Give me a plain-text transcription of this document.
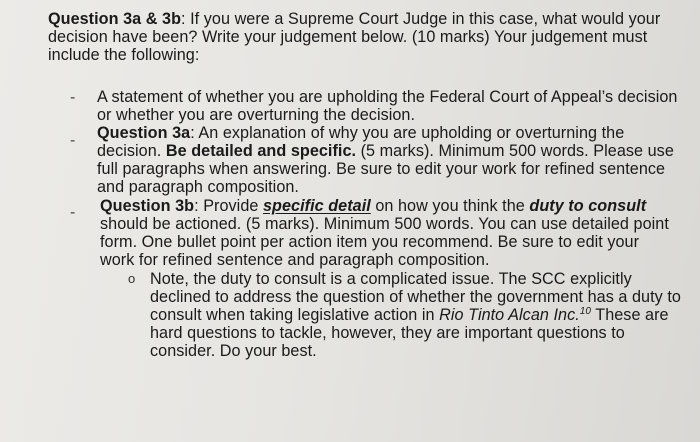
Question 3a & 3b: If you were a Supreme Court Judge in this case, what would your
decision have been? Write your judgement below. (10 marks) Your judgement must
include the following:
- A statement of whether you are upholding the Federal Court of Appeal’s decision
or whether you are overturning the decision.
- Question 3a: An explanation of why you are upholding or overturning the
decision. Be detailed and specific. (5 marks). Minimum 500 words. Please use
full paragraphs when answering. Be sure to edit your work for refined sentence
and paragraph composition.
- Question 3b: Provide specific detail on how you think the duty to consult
should be actioned. (5 marks). Minimum 500 words. You can use detailed point
form. One bullet point per action item you recommend. Be sure to edit your
work for refined sentence and paragraph composition.
o Note, the duty to consult is a complicated issue. The SCC explicitly
declined to address the question of whether the government has a duty to
consult when taking legislative action in Rio Tinto Alcan Inc.$^{10}$ These are
hard questions to tackle, however, they are important questions to
consider. Do your best.
